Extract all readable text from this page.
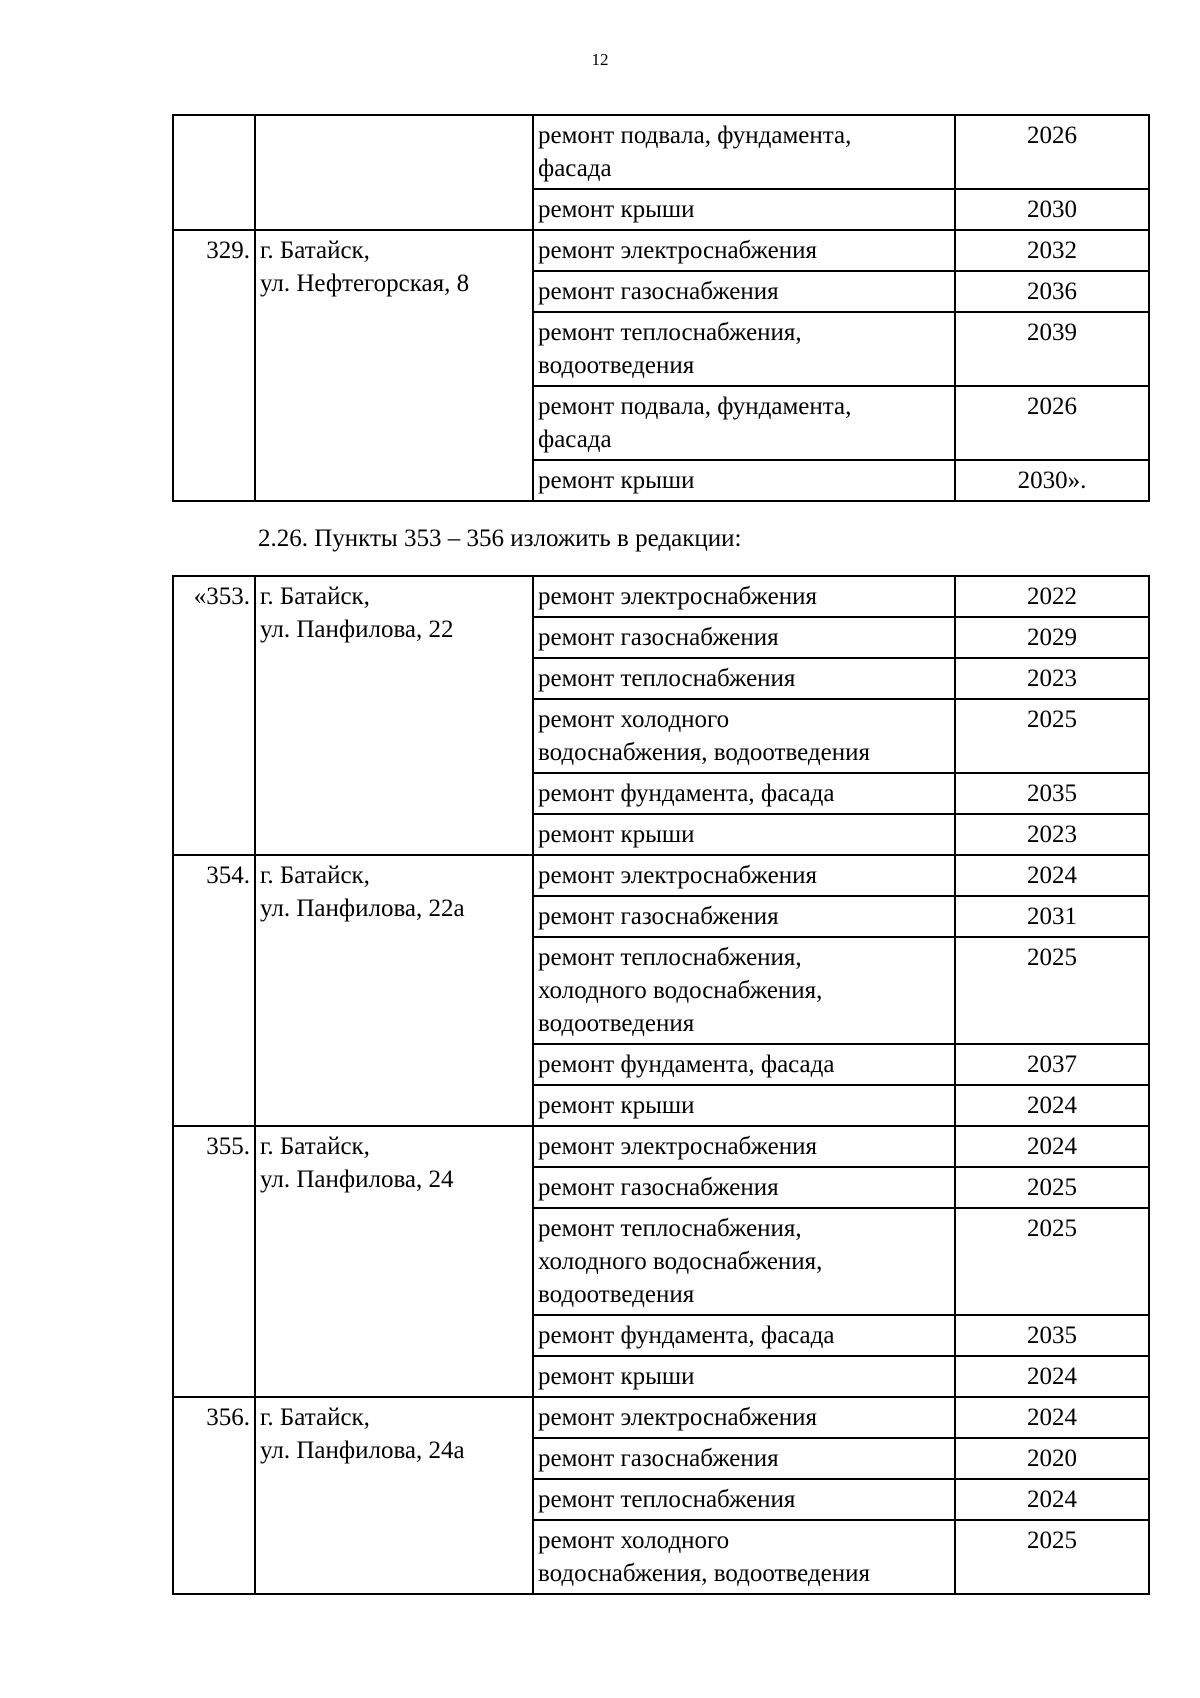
12

		ремонт подвала, фундамента,
фасада	2026

		ремонт крыши	2030

329.	г. Батайск,
ул. Нефтегорская, 8	ремонт электроснабжения	2032

		ремонт газоснабжения	2036

		ремонт теплоснабжения,
водоотведения	2039

		ремонт подвала, фундамента,
фасада	2026

		ремонт крыши	2030».
2.26. Пункты 353 – 356 изложить в редакции:
«353.	г. Батайск,
ул. Панфилова, 22	ремонт электроснабжения	2022

		ремонт газоснабжения	2029

		ремонт теплоснабжения	2023

		ремонт холодного
водоснабжения, водоотведения	2025

		ремонт фундамента, фасада	2035

		ремонт крыши	2023

354.	г. Батайск,
ул. Панфилова, 22а	ремонт электроснабжения	2024

		ремонт газоснабжения	2031

		ремонт теплоснабжения,
холодного водоснабжения,
водоотведения	2025

		ремонт фундамента, фасада	2037

		ремонт крыши	2024

355.	г. Батайск,
ул. Панфилова, 24	ремонт электроснабжения	2024

		ремонт газоснабжения	2025

		ремонт теплоснабжения,
холодного водоснабжения,
водоотведения	2025

		ремонт фундамента, фасада	2035

		ремонт крыши	2024

356.	г. Батайск,
ул. Панфилова, 24а	ремонт электроснабжения	2024

		ремонт газоснабжения	2020

		ремонт теплоснабжения	2024

		ремонт холодного
водоснабжения, водоотведения	2025
